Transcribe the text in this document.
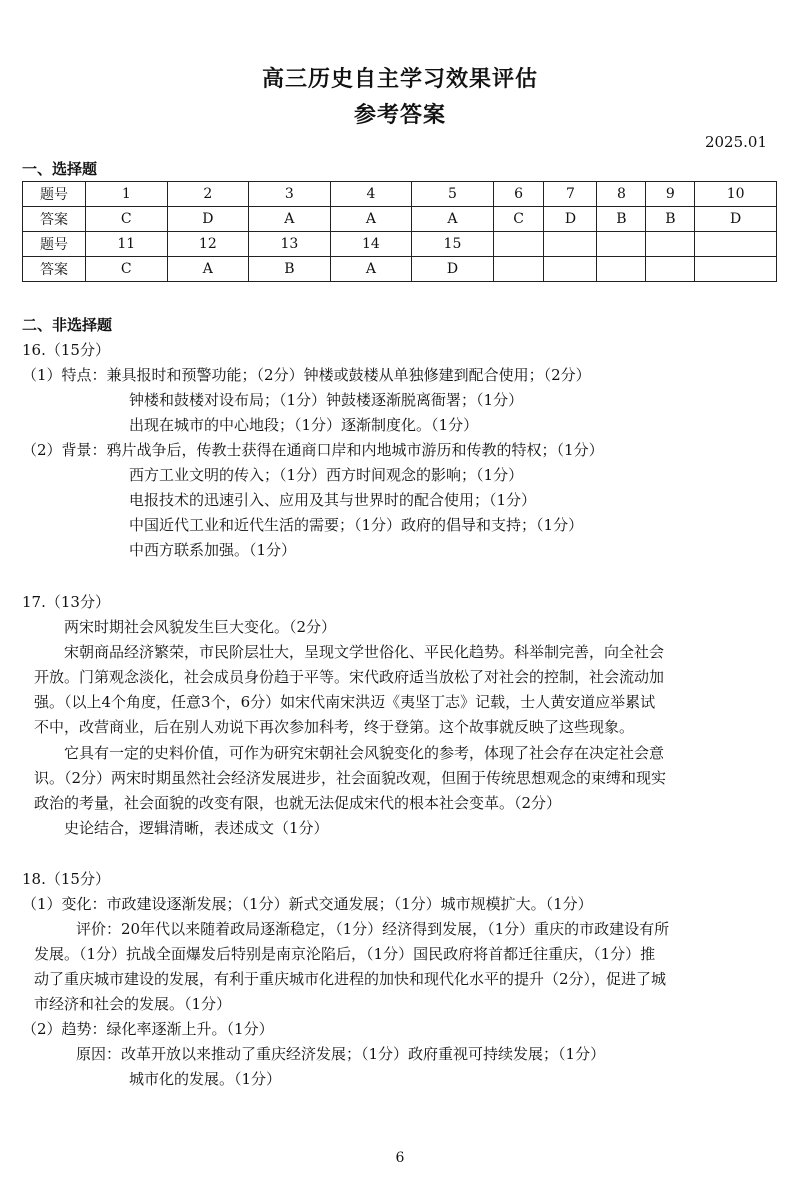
高三历史自主学习效果评估
参考答案
2025.01
一、选择题
题号	1	2	3	4	5	6	7	8	9	10
答案	C	D	A	A	A	C	D	B	B	D
题号	11	12	13	14	15					
答案	C	A	B	A	D					
二、非选择题
16.（15分）
（1）特点：兼具报时和预警功能；（2分）钟楼或鼓楼从单独修建到配合使用；（2分）
钟楼和鼓楼对设布局；（1分）钟鼓楼逐渐脱离衙署；（1分）
出现在城市的中心地段；（1分）逐渐制度化。（1分）
（2）背景：鸦片战争后，传教士获得在通商口岸和内地城市游历和传教的特权；（1分）
西方工业文明的传入；（1分）西方时间观念的影响；（1分）
电报技术的迅速引入、应用及其与世界时的配合使用；（1分）
中国近代工业和近代生活的需要；（1分）政府的倡导和支持；（1分）
中西方联系加强。（1分）
17.（13分）
两宋时期社会风貌发生巨大变化。（2分）
宋朝商品经济繁荣，市民阶层壮大，呈现文学世俗化、平民化趋势。科举制完善，向全社会
开放。门第观念淡化，社会成员身份趋于平等。宋代政府适当放松了对社会的控制，社会流动加
强。（以上4个角度，任意3个，6分）如宋代南宋洪迈《夷坚丁志》记载，士人黄安道应举累试
不中，改营商业，后在别人劝说下再次参加科考，终于登第。这个故事就反映了这些现象。
它具有一定的史料价值，可作为研究宋朝社会风貌变化的参考，体现了社会存在决定社会意
识。（2分）两宋时期虽然社会经济发展进步，社会面貌改观，但囿于传统思想观念的束缚和现实
政治的考量，社会面貌的改变有限，也就无法促成宋代的根本社会变革。（2分）
史论结合，逻辑清晰，表述成文（1分）
18.（15分）
（1）变化：市政建设逐渐发展；（1分）新式交通发展；（1分）城市规模扩大。（1分）
评价：20年代以来随着政局逐渐稳定，（1分）经济得到发展，（1分）重庆的市政建设有所
发展。（1分）抗战全面爆发后特别是南京沦陷后，（1分）国民政府将首都迁往重庆，（1分）推
动了重庆城市建设的发展，有利于重庆城市化进程的加快和现代化水平的提升（2分），促进了城
市经济和社会的发展。（1分）
（2）趋势：绿化率逐渐上升。（1分）
原因：改革开放以来推动了重庆经济发展；（1分）政府重视可持续发展；（1分）
城市化的发展。（1分）
6
